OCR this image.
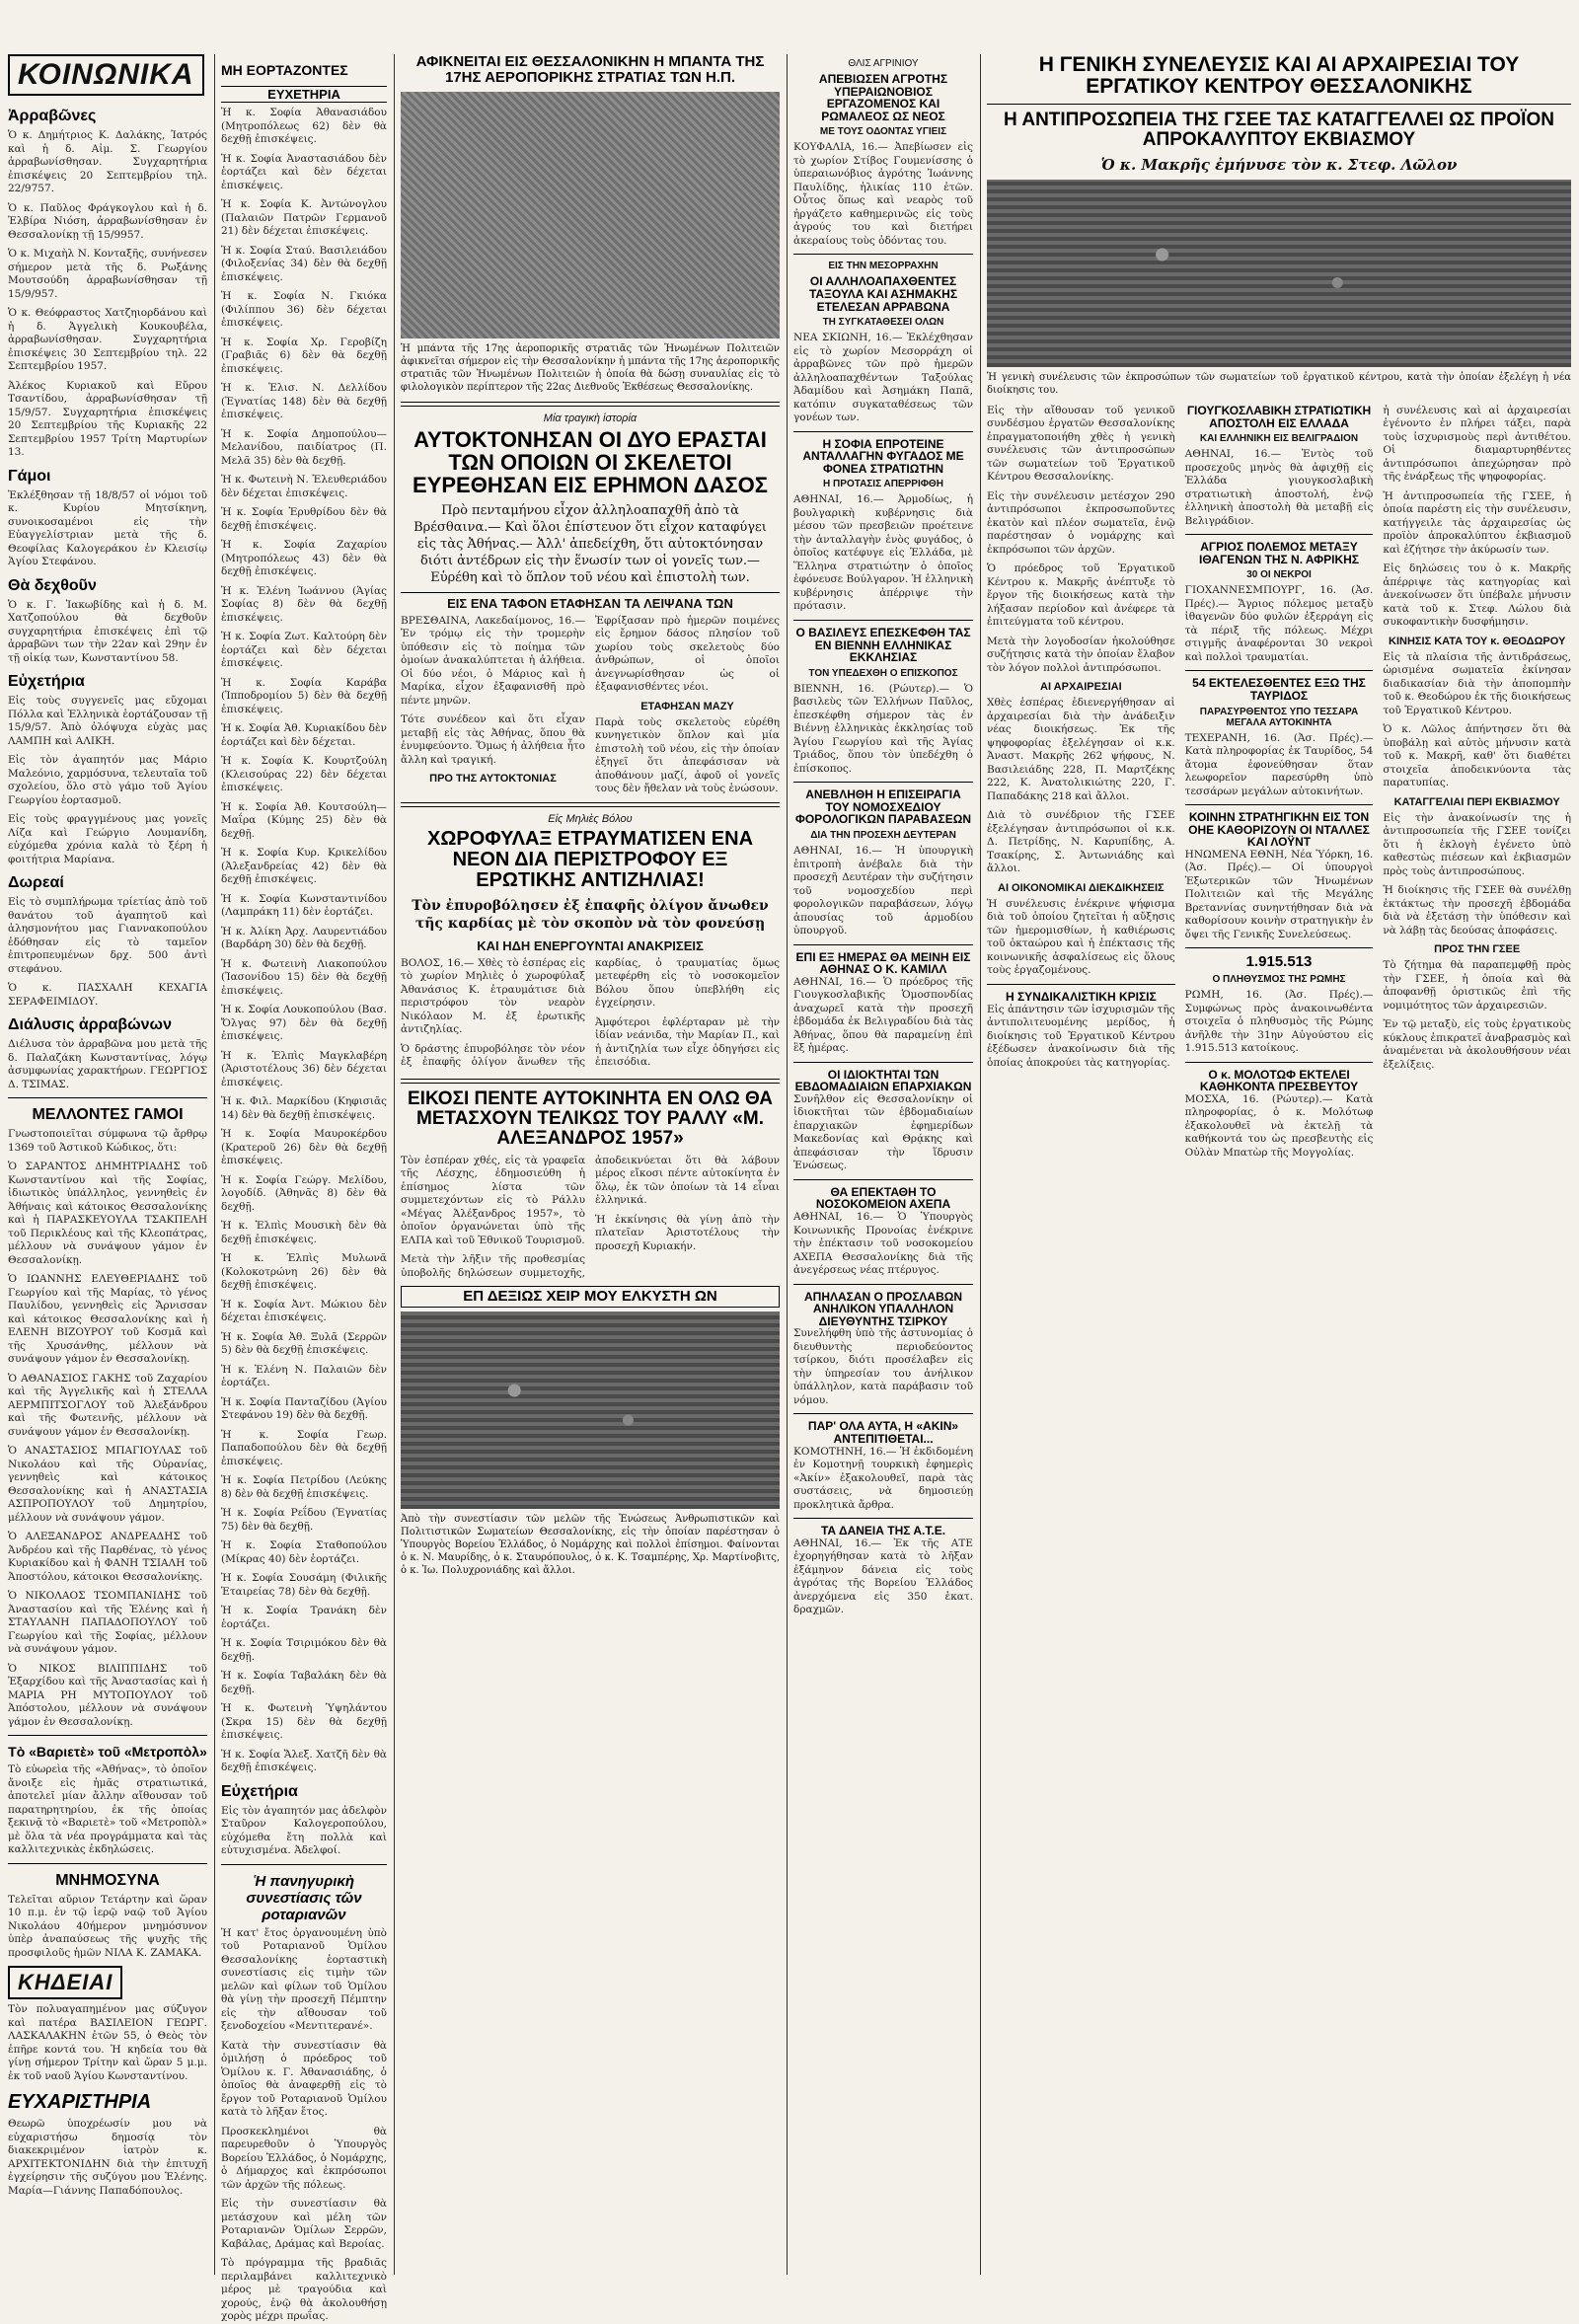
ΚΟΙΝΩΝΙΚΑ
Ἀρραβῶνες

Ὁ κ. Δημήτριος Κ. Δαλάκης, Ἰατρός καὶ ἡ δ. Αἰμ. Σ. Γεωργίου ἀρραβωνίσθησαν. Συγχαρητήρια ἐπισκέψεις 20 Σεπτεμβρίου τηλ. 22/9757.

Ὁ κ. Παῦλος Φράγκογλου καὶ ἡ δ. Ἐλβίρα Νιόση, ἀρραβωνίσθησαν ἐν Θεσσαλονίκῃ τῇ 15/9957.

Ὁ κ. Μιχαὴλ Ν. Κονταξῆς, συνήνεσεν σήμερον μετὰ τῆς δ. Ρωξάνης Μουτσούδη ἀρραβωνίσθησαν τῇ 15/9/957.

Ὁ κ. Θεόφραστος Χατζηιορδάνου καὶ ἡ δ. Ἀγγελικὴ Κουκουβέλα, ἀρραβωνίσθησαν. Συγχαρητήρια ἐπισκέψεις 30 Σεπτεμβρίου τηλ. 22 Σεπτεμβρίου 1957.

Ἀλέκος Κυριακοῦ καὶ Εὔρου Τσαντίδου, ἀρραβωνίσθησαν τῇ 15/9/57. Συγχαρητήρια ἐπισκέψεις 20 Σεπτεμβρίου τῆς Κυριακῆς 22 Σεπτεμβρίου 1957 Τρίτη Μαρτυρίων 13.

Γάμοι

Ἐκλέξθησαν τῇ 18/8/57 οἱ νόμοι τοῦ κ. Κυρίου Μητσίκηνη, συνοικοσαμένοι εἰς τὴν Εὐαγγελίστριαν μετὰ τῆς δ. Θεοφίλας Καλογεράκου ἐν Κλεισίῳ Ἁγίου Στεφάνου.

Θὰ δεχθοῦν

Ὁ κ. Γ. Ἰακωβίδης καὶ ἡ δ. Μ. Χατζοπούλου θὰ δεχθοῦν συγχαρητήρια ἐπισκέψεις ἐπὶ τῷ ἀρραβῶνι των τὴν 22αν καὶ 29ην ἐν τῇ οἰκίᾳ των, Κωνσταντίνου 58.

Εὐχετήρια

Εἰς τοὺς συγγενεῖς μας εὔχομαι Πόλλα καὶ Ἑλληνικὰ ἑορτάζουσαν τῇ 15/9/57. Ἀπὸ ὀλόψυχα εὐχὰς μας ΛΑΜΠΗ καὶ ΑΛΙΚΗ.

Εἰς τὸν ἀγαπητόν μας Μάριο Μαλεόνιο, χαρμόσυνα, τελευταῖα τοῦ σχολείου, ὅλο στὸ γάμο τοῦ Ἁγίου Γεωργίου ἑορτασμοῦ.

Εἰς τοὺς φραγγμένους μας γονεῖς Λίζα καὶ Γεώργιο Λουμανίδη, εὐχόμεθα χρόνια καλὰ τὸ ξέρη ἡ φοιτήτρια Μαρίανα.

Δωρεαί

Εἰς τὸ συμπλήρωμα τρίετίας ἀπὸ τοῦ θανάτου τοῦ ἀγαπητοῦ καὶ ἀλησμονήτου μας Γιαννακοπούλου ἐδόθησαν εἰς τὸ ταμεῖον ἐπιτροπευμένων δρχ. 500 ἀντὶ στεφάνου.

Ὁ κ. ΠΑΣΧΑΛΗ ΚΕΧΑΓΙΑ ΣΕΡΑΦΕΙΜΙΔΟΥ.

Διάλυσις ἀρραβώνων

Διέλυσα τὸν ἀρραβῶνα μου μετὰ τῆς δ. Παλαζάκη Κωνσταντίνας, λόγῳ ἀσυμφωνίας χαρακτήρων. ΓΕΩΡΓΙΟΣ Δ. ΤΣΙΜΑΣ.

ΜΕΛΛΟΝΤΕΣ ΓΑΜΟΙ

Γνωστοποιεῖται σύμφωνα τῷ ἄρθρῳ 1369 τοῦ Ἀστικοῦ Κώδικος, ὅτι:

Ὁ ΣΑΡΑΝΤΟΣ ΔΗΜΗΤΡΙΑΔΗΣ τοῦ Κωνσταντίνου καὶ τῆς Σοφίας, ἰδιωτικὸς ὑπάλληλος, γεννηθεὶς ἐν Ἀθήναις καὶ κάτοικος Θεσσαλονίκης καὶ ἡ ΠΑΡΑΣΚΕΥΟΥΛΑ ΤΣΑΚΠΕΛΗ τοῦ Περικλέους καὶ τῆς Κλεοπάτρας, μέλλουν νὰ συνάψουν γάμον ἐν Θεσσαλονίκῃ.

Ὁ ΙΩΑΝΝΗΣ ΕΛΕΥΘΕΡΙΑΔΗΣ τοῦ Γεωργίου καὶ τῆς Μαρίας, τὸ γένος Παυλίδου, γεννηθεὶς εἰς Ἄρνισσαν καὶ κάτοικος Θεσσαλονίκης καὶ ἡ ΕΛΕΝΗ ΒΙΖΟΥΡΟΥ τοῦ Κοσμᾶ καὶ τῆς Χρυσάνθης, μέλλουν νὰ συνάψουν γάμον ἐν Θεσσαλονίκῃ.

Ὁ ΑΘΑΝΑΣΙΟΣ ΓΑΚΗΣ τοῦ Ζαχαρίου καὶ τῆς Ἀγγελικῆς καὶ ἡ ΣΤΕΛΛΑ ΑΕΡΜΠΙΤΣΟΓΛΟΥ τοῦ Ἀλεξάνδρου καὶ τῆς Φωτεινῆς, μέλλουν νὰ συνάψουν γάμον ἐν Θεσσαλονίκῃ.

Ὁ ΑΝΑΣΤΑΣΙΟΣ ΜΠΑΓΙΟΥΛΑΣ τοῦ Νικολάου καὶ τῆς Οὐρανίας, γεννηθεὶς καὶ κάτοικος Θεσσαλονίκης καὶ ἡ ΑΝΑΣΤΑΣΙΑ ΑΣΠΡΟΠΟΥΛΟΥ τοῦ Δημητρίου, μέλλουν νὰ συνάψουν γάμον.

Ὁ ΑΛΕΞΑΝΔΡΟΣ ΑΝΔΡΕΑΔΗΣ τοῦ Ἀνδρέου καὶ τῆς Παρθένας, τὸ γένος Κυριακίδου καὶ ἡ ΦΑΝΗ ΤΣΙΑΛΗ τοῦ Ἀποστόλου, κάτοικοι Θεσσαλονίκης.

Ὁ ΝΙΚΟΛΑΟΣ ΤΣΟΜΠΑΝΙΔΗΣ τοῦ Ἀναστασίου καὶ τῆς Ἑλένης καὶ ἡ ΣΤΑΥΛΑΝΗ ΠΑΠΑΔΟΠΟΥΛΟΥ τοῦ Γεωργίου καὶ τῆς Σοφίας, μέλλουν νὰ συνάψουν γάμον.

Ὁ ΝΙΚΟΣ ΒΙΛΙΠΠΙΔΗΣ τοῦ Ἐξαρχίδου καὶ τῆς Ἀναστασίας καὶ ἡ ΜΑΡΙΑ ΡΗ ΜΥΤΟΠΟΥΛΟΥ τοῦ Ἀπόστολου, μέλλουν νὰ συνάψουν γάμον ἐν Θεσσαλονίκῃ.

Τὸ «Βαριετὲ» τοῦ «Μετροπὸλ»

Τὸ εὐωρεὶα τῆς «Ἀθήνας», τὸ ὁποῖον ἄνοιξε εἰς ἡμᾶς στρατιωτικά, ἀποτελεῖ μίαν ἄλλην αἴθουσαν τοῦ παρατηρητηρίου, ἐκ τῆς ὁποίας ξεκινᾷ τὸ «Βαριετὲ» τοῦ «Μετροπὸλ» μὲ ὅλα τὰ νέα προγράμματα καὶ τὰς καλλιτεχνικὰς ἐκδηλώσεις.

ΜΝΗΜΟΣΥΝΑ

Τελεῖται αὔριον Τετάρτην καὶ ὥραν 10 π.μ. ἐν τῷ ἱερῷ ναῷ τοῦ Ἁγίου Νικολάου 40ήμερον μνημόσυνον ὑπὲρ ἀναπαύσεως τῆς ψυχῆς τῆς προσφιλοῦς ἡμῶν ΝΙΛΑ Κ. ΖΑΜΑΚΑ.

ΚΗΔΕΙΑΙ

Τὸν πολυαγαπημένον μας σύζυγον καὶ πατέρα ΒΑΣΙΛΕΙΟΝ ΓΕΩΡΓ. ΛΑΣΚΑΛΑΚΗΝ ἐτῶν 55, ὁ Θεὸς τὸν ἐπῆρε κοντά του. Ἡ κηδεία του θὰ γίνῃ σήμερον Τρίτην καὶ ὥραν 5 μ.μ. ἐκ τοῦ ναοῦ Ἁγίου Κωνσταντίνου.

ΕΥΧΑΡΙΣΤΗΡΙΑ

Θεωρῶ ὑποχρέωσίν μου νὰ εὐχαριστήσω δημοσίᾳ τὸν διακεκριμένον ἰατρὸν κ. ΑΡΧΙΤΕΚΤΟΝΙΔΗΝ διὰ τὴν ἐπιτυχῆ ἐγχείρησιν τῆς συζύγου μου Ἑλένης. Μαρία—Γιάννης Παπαδόπουλος.

ΜΗ ΕΟΡΤΑΖΟΝΤΕΣ
ΕΥΧΕΤΗΡΙΑ

Ἡ κ. Σοφία Ἀθανασιάδου (Μητροπόλεως 62) δὲν θὰ δεχθῇ ἐπισκέψεις.

Ἡ κ. Σοφία Ἀναστασιάδου δὲν ἑορτάζει καὶ δὲν δέχεται ἐπισκέψεις.

Ἡ κ. Σοφία Κ. Ἀντώνογλου (Παλαιῶν Πατρῶν Γερμανοῦ 21) δὲν δέχεται ἐπισκέψεις.

Ἡ κ. Σοφία Σταύ. Βασιλειάδου (Φιλοξενίας 34) δὲν θὰ δεχθῇ ἐπισκέψεις.

Ἡ κ. Σοφία Ν. Γκιόκα (Φιλίππου 36) δὲν δέχεται ἐπισκέψεις.

Ἡ κ. Σοφία Χρ. Γεροβίζη (Γραβιᾶς 6) δὲν θὰ δεχθῇ ἐπισκέψεις.

Ἡ κ. Ἑλισ. Ν. Δελλίδου (Ἐγνατίας 148) δὲν θὰ δεχθῇ ἐπισκέψεις.

Ἡ κ. Σοφία Δημοπούλου—Μελανίδου, παιδίατρος (Π. Μελᾶ 35) δὲν θὰ δεχθῇ.

Ἡ κ. Φωτεινὴ Ν. Ἐλευθεριάδου δὲν δέχεται ἐπισκέψεις.

Ἡ κ. Σοφία Ἐρυθρίδου δὲν θὰ δεχθῇ ἐπισκέψεις.

Ἡ κ. Σοφία Ζαχαρίου (Μητροπόλεως 43) δὲν θὰ δεχθῇ ἐπισκέψεις.

Ἡ κ. Ἑλένη Ἰωάννου (Ἁγίας Σοφίας 8) δὲν θὰ δεχθῇ ἐπισκέψεις.

Ἡ κ. Σοφία Ζωτ. Καλτούρη δὲν ἑορτάζει καὶ δὲν δέχεται ἐπισκέψεις.

Ἡ κ. Σοφία Καράβα (Ἱπποδρομίου 5) δὲν θὰ δεχθῇ ἐπισκέψεις.

Ἡ κ. Σοφία Ἀθ. Κυριακίδου δὲν ἑορτάζει καὶ δὲν δέχεται.

Ἡ κ. Σοφία Κ. Κουρτζούλη (Κλεισούρας 22) δὲν δέχεται ἐπισκέψεις.

Ἡ κ. Σοφία Ἀθ. Κουτσούλη—Μαΐρα (Κύμης 25) δὲν θὰ δεχθῇ.

Ἡ κ. Σοφία Κυρ. Κρικελίδου (Ἀλεξανδρείας 42) δὲν θὰ δεχθῇ ἐπισκέψεις.

Ἡ κ. Σοφία Κωνσταντινίδου (Λαμπράκη 11) δὲν ἑορτάζει.

Ἡ κ. Ἀλίκη Ἀρχ. Λαυρεντιάδου (Βαρδάρη 30) δὲν θὰ δεχθῇ.

Ἡ κ. Φωτεινὴ Λιακοπούλου (Ἰασονίδου 15) δὲν θὰ δεχθῇ ἐπισκέψεις.

Ἡ κ. Σοφία Λουκοπούλου (Βασ. Ὄλγας 97) δὲν θὰ δεχθῇ ἐπισκέψεις.

Ἡ κ. Ἐλπὶς Μαγκλαβέρη (Ἀριστοτέλους 36) δὲν δέχεται ἐπισκέψεις.

Ἡ κ. Φιλ. Μαρκίδου (Κηφισιᾶς 14) δὲν θὰ δεχθῇ ἐπισκέψεις.

Ἡ κ. Σοφία Μαυροκέρδου (Κρατεροῦ 26) δὲν θὰ δεχθῇ ἐπισκέψεις.

Ἡ κ. Σοφία Γεώργ. Μελίδου, λογοδίδ. (Ἀθηνᾶς 8) δὲν θὰ δεχθῇ.

Ἡ κ. Ἐλπὶς Μουσικὴ δὲν θὰ δεχθῇ ἐπισκέψεις.

Ἡ κ. Ἐλπὶς Μυλωνᾶ (Κολοκοτρώνη 26) δὲν θὰ δεχθῇ ἐπισκέψεις.

Ἡ κ. Σοφία Ἀντ. Μώκιου δὲν δέχεται ἐπισκέψεις.

Ἡ κ. Σοφία Ἀθ. Ξυλᾶ (Σερρῶν 5) δὲν θὰ δεχθῇ ἐπισκέψεις.

Ἡ κ. Ἑλένη Ν. Παλαιῶν δὲν ἑορτάζει.

Ἡ κ. Σοφία Πανταζίδου (Ἀγίου Στεφάνου 19) δὲν θὰ δεχθῇ.

Ἡ κ. Σοφία Γεωρ. Παπαδοπούλου δὲν θὰ δεχθῇ ἐπισκέψεις.

Ἡ κ. Σοφία Πετρίδου (Λεύκης 8) δὲν θὰ δεχθῇ ἐπισκέψεις.

Ἡ κ. Σοφία Ρεΐδου (Ἐγνατίας 75) δὲν θὰ δεχθῇ.

Ἡ κ. Σοφία Σταθοπούλου (Μίκρας 40) δὲν ἑορτάζει.

Ἡ κ. Σοφία Σουσάμη (Φιλικῆς Ἑταιρείας 78) δὲν θὰ δεχθῇ.

Ἡ κ. Σοφία Τρανάκη δὲν ἑορτάζει.

Ἡ κ. Σοφία Τσιριμόκου δὲν θὰ δεχθῇ.

Ἡ κ. Σοφία Ταβαλάκη δὲν θὰ δεχθῇ.

Ἡ κ. Φωτεινὴ Ὑψηλάντου (Σκρα 15) δὲν θὰ δεχθῇ ἐπισκέψεις.

Ἡ κ. Σοφία Ἄλεξ. Χατζῆ δὲν θὰ δεχθῇ ἐπισκέψεις.

Εὐχετήρια

Εἰς τὸν ἀγαπητόν μας ἀδελφὸν Σταῦρον Καλογεροπούλου, εὐχόμεθα ἔτη πολλὰ καὶ εὐτυχισμένα. Ἀδελφοί.

Ἡ πανηγυρικὴ συνεστίασις τῶν ροταριανῶν

Ἡ κατ' ἔτος ὀργανουμένη ὑπὸ τοῦ Ροταριανοῦ Ὁμίλου Θεσσαλονίκης ἑορταστικὴ συνεστίασις εἰς τιμὴν τῶν μελῶν καὶ φίλων τοῦ Ὁμίλου θὰ γίνῃ τὴν προσεχῆ Πέμπτην εἰς τὴν αἴθουσαν τοῦ ξενοδοχείου «Μεντιτερανέ».

Κατὰ τὴν συνεστίασιν θὰ ὁμιλήσῃ ὁ πρόεδρος τοῦ Ὁμίλου κ. Γ. Ἀθανασιάδης, ὁ ὁποῖος θὰ ἀναφερθῇ εἰς τὸ ἔργον τοῦ Ροταριανοῦ Ὁμίλου κατὰ τὸ λῆξαν ἔτος.

Προσκεκλημένοι θὰ παρευρεθοῦν ὁ Ὑπουργὸς Βορείου Ἑλλάδος, ὁ Νομάρχης, ὁ Δήμαρχος καὶ ἐκπρόσωποι τῶν ἀρχῶν τῆς πόλεως.

Εἰς τὴν συνεστίασιν θὰ μετάσχουν καὶ μέλη τῶν Ροταριανῶν Ὁμίλων Σερρῶν, Καβάλας, Δράμας καὶ Βεροίας.

Τὸ πρόγραμμα τῆς βραδιᾶς περιλαμβάνει καλλιτεχνικὸ μέρος μὲ τραγούδια καὶ χορούς, ἐνῷ θὰ ἀκολουθήσῃ χορὸς μέχρι πρωΐας.

ΑΦΙΚΝΕΙΤΑΙ ΕΙΣ ΘΕΣΣΑΛΟΝΙΚΗΝ Η ΜΠΑΝΤΑ ΤΗΣ 17ΗΣ ΑΕΡΟΠΟΡΙΚΗΣ ΣΤΡΑΤΙΑΣ ΤΩΝ Η.Π.
Ἡ μπάντα τῆς 17ης ἀεροπορικῆς στρατιᾶς τῶν Ἡνωμένων Πολιτειῶν ἀφικνεῖται σήμερον εἰς τὴν Θεσσαλονίκην ἡ μπάντα τῆς 17ης ἀεροπορικῆς στρατιᾶς τῶν Ἡνωμένων Πολιτειῶν ἡ ὁποία θὰ δώσῃ συναυλίας εἰς τὸ φιλολογικὸν περίπτερον τῆς 22ας Διεθνοῦς Ἐκθέσεως Θεσσαλονίκης.
Μία τραγικὴ ἱστορία
ΑΥΤΟΚΤΟΝΗΣΑΝ ΟΙ ΔΥΟ ΕΡΑΣΤΑΙ ΤΩΝ ΟΠΟΙΩΝ ΟΙ ΣΚΕΛΕΤΟΙ ΕΥΡΕΘΗΣΑΝ ΕΙΣ ΕΡΗΜΟΝ ΔΑΣΟΣ
Πρὸ πενταμήνου εἶχον ἀλληλοαπαχθῆ ἀπὸ τὰ Βρέσθαινα.— Καὶ ὅλοι ἐπίστευον ὅτι εἶχον καταφύγει εἰς τὰς Ἀθήνας.— Ἀλλ' ἀπεδείχθη, ὅτι αὐτοκτόνησαν διότι ἀντέδρων εἰς τὴν ἕνωσίν των οἱ γονεῖς των.— Εὑρέθη καὶ τὸ ὅπλον τοῦ νέου καὶ ἐπιστολὴ των.
ΕΙΣ ΕΝΑ ΤΑΦΟΝ ΕΤΑΦΗΣΑΝ ΤΑ ΛΕΙΨΑΝΑ ΤΩΝ

ΒΡΕΣΘΑΙΝΑ, Λακεδαίμονος, 16.— Ἐν τρόμῳ εἰς τὴν τρομερὴν ὑπόθεσιν εἰς τὸ ποίημα τῶν ὁμοίων ἀνακαλύπτεται ἡ ἀλήθεια. Οἱ δύο νέοι, ὁ Μάριος καὶ ἡ Μαρίκα, εἶχον ἐξαφανισθῆ πρὸ πέντε μηνῶν.

Τότε συνέδεον καὶ ὅτι εἶχαν μεταβῇ εἰς τὰς Ἀθήνας, ὅπου θὰ ἐνυμφεύοντο. Ὅμως ἡ ἀλήθεια ἦτο ἄλλη καὶ τραγική.

ΠΡΟ ΤΗΣ ΑΥΤΟΚΤΟΝΙΑΣ

Ἐφρίξασαν πρὸ ἡμερῶν ποιμένες εἰς ἔρημον δάσος πλησίον τοῦ χωρίου τοὺς σκελετοὺς δύο ἀνθρώπων, οἱ ὁποῖοι ἀνεγνωρίσθησαν ὡς οἱ ἐξαφανισθέντες νέοι.

ΕΤΑΦΗΣΑΝ ΜΑΖΥ

Παρὰ τοὺς σκελετοὺς εὑρέθη κυνηγετικὸν ὅπλον καὶ μία ἐπιστολὴ τοῦ νέου, εἰς τὴν ὁποίαν ἐξηγεῖ ὅτι ἀπεφάσισαν νὰ ἀποθάνουν μαζί, ἀφοῦ οἱ γονεῖς τους δὲν ἤθελαν νὰ τοὺς ἑνώσουν.

Εἰς Μηλιὲς Βόλου
ΧΩΡΟΦΥΛΑΞ ΕΤΡΑΥΜΑΤΙΣΕΝ ΕΝΑ ΝΕΟΝ ΔΙΑ ΠΕΡΙΣΤΡΟΦΟΥ ΕΞ ΕΡΩΤΙΚΗΣ ΑΝΤΙΖΗΛΙΑΣ!
Τὸν ἐπυροβόλησεν ἐξ ἐπαφῆς ὀλίγον ἄνωθεν τῆς καρδίας μὲ τὸν σκοπὸν νὰ τὸν φονεύσῃ
ΚΑΙ ΗΔΗ ΕΝΕΡΓΟΥΝΤΑΙ ΑΝΑΚΡΙΣΕΙΣ

ΒΟΛΟΣ, 16.— Χθὲς τὸ ἑσπέρας εἰς τὸ χωρίον Μηλιὲς ὁ χωροφύλαξ Ἀθανάσιος Κ. ἐτραυμάτισε διὰ περιστρόφου τὸν νεαρὸν Νικόλαον Μ. ἐξ ἐρωτικῆς ἀντιζηλίας.

Ὁ δράστης ἐπυροβόλησε τὸν νέον ἐξ ἐπαφῆς ὀλίγον ἄνωθεν τῆς καρδίας, ὁ τραυματίας ὅμως μετεφέρθη εἰς τὸ νοσοκομεῖον Βόλου ὅπου ὑπεβλήθη εἰς ἐγχείρησιν.

Ἀμφότεροι ἐφλέρταραν μὲ τὴν ἰδίαν νεάνιδα, τὴν Μαρίαν Π., καὶ ἡ ἀντιζηλία των εἶχε ὁδηγήσει εἰς ἐπεισόδια.

ΕΙΚΟΣΙ ΠΕΝΤΕ ΑΥΤΟΚΙΝΗΤΑ ΕΝ ΟΛΩ ΘΑ ΜΕΤΑΣΧΟΥΝ ΤΕΛΙΚΩΣ ΤΟΥ ΡΑΛΛΥ «Μ. ΑΛΕΞΑΝΔΡΟΣ 1957»

Τὸν ἐσπέραν χθές, εἰς τὰ γραφεῖα τῆς Λέσχης, ἐδημοσιεύθη ἡ ἐπίσημος λίστα τῶν συμμετεχόντων εἰς τὸ Ράλλυ «Μέγας Ἀλέξανδρος 1957», τὸ ὁποῖον ὀργανώνεται ὑπὸ τῆς ΕΛΠΑ καὶ τοῦ Ἐθνικοῦ Τουρισμοῦ.

Μετὰ τὴν λῆξιν τῆς προθεσμίας ὑποβολῆς δηλώσεων συμμετοχῆς, ἀποδεικνύεται ὅτι θὰ λάβουν μέρος εἴκοσι πέντε αὐτοκίνητα ἐν ὅλῳ, ἐκ τῶν ὁποίων τὰ 14 εἶναι ἑλληνικά.

Ἡ ἐκκίνησις θὰ γίνῃ ἀπὸ τὴν πλατεῖαν Ἀριστοτέλους τὴν προσεχῆ Κυριακήν.

ΕΠ ΔΕΞΙΩΣ ΧΕΙΡ ΜΟΥ ΕΛΚΥΣΤΗ ΩΝ
Ἀπὸ τὴν συνεστίασιν τῶν μελῶν τῆς Ἑνώσεως Ἀνθρωπιστικῶν καὶ Πολιτιστικῶν Σωματείων Θεσσαλονίκης, εἰς τὴν ὁποίαν παρέστησαν ὁ Ὑπουργὸς Βορείου Ἑλλάδος, ὁ Νομάρχης καὶ πολλοὶ ἐπίσημοι. Φαίνονται ὁ κ. Ν. Μαυρίδης, ὁ κ. Σταυρόπουλος, ὁ κ. Κ. Τσαμπέρης, Χρ. Μαρτίνοβιτς, ὁ κ. Ἰω. Πολυχρονιάδης καὶ ἄλλοι.
ΘΛΙΣ ΑΓΡΙΝΙΟΥ
ΑΠΕΒΙΩΣΕΝ ΑΓΡΟΤΗΣ ΥΠΕΡΑΙΩΝΟΒΙΟΣ ΕΡΓΑΖΟΜΕΝΟΣ ΚΑΙ ΡΩΜΑΛΕΟΣ ΩΣ ΝΕΟΣ
ΜΕ ΤΟΥΣ ΟΔΟΝΤΑΣ ΥΓΙΕΙΣ

ΚΟΥΦΑΛΙΑ, 16.— Ἀπεβίωσεν εἰς τὸ χωρίον Στίβος Γουμενίσσης ὁ ὑπεραιωνόβιος ἀγρότης Ἰωάννης Παυλίδης, ἡλικίας 110 ἐτῶν. Οὗτος ὅπως καὶ νεαρὸς τοῦ ἠργάζετο καθημερινῶς εἰς τοὺς ἀγρούς του καὶ διετήρει ἀκεραίους τοὺς ὀδόντας του.

ΕΙΣ ΤΗΝ ΜΕΣΟΡΡΑΧΗΝ
ΟΙ ΑΛΛΗΛΟΑΠΑΧΘΕΝΤΕΣ ΤΑΞΟΥΛΑ ΚΑΙ ΑΣΗΜΑΚΗΣ ΕΤΕΛΕΣΑΝ ΑΡΡΑΒΩΝΑ
ΤΗ ΣΥΓΚΑΤΑΘΕΣΕΙ ΟΛΩΝ

ΝΕΑ ΣΚΙΩΝΗ, 16.— Ἐκλέχθησαν εἰς τὸ χωρίον Μεσορράχη οἱ ἀρραβῶνες τῶν πρὸ ἡμερῶν ἀλληλοαπαχθέντων Ταξούλας Ἀδαμίδου καὶ Ἀσημάκη Παπᾶ, κατόπιν συγκαταθέσεως τῶν γονέων των.

Η ΣΟΦΙΑ ΕΠΡΟΤΕΙΝΕ ΑΝΤΑΛΛΑΓΗΝ ΦΥΓΑΔΟΣ ΜΕ ΦΟΝΕΑ ΣΤΡΑΤΙΩΤΗΝ
Η ΠΡΟΤΑΣΙΣ ΑΠΕΡΡΙΦΘΗ

ΑΘΗΝΑΙ, 16.— Ἀρμοδίως, ἡ βουλγαρικὴ κυβέρνησις διὰ μέσου τῶν πρεσβειῶν προέτεινε τὴν ἀνταλλαγὴν ἑνὸς φυγάδος, ὁ ὁποῖος κατέφυγε εἰς Ἑλλάδα, μὲ Ἕλληνα στρατιώτην ὁ ὁποῖος ἐφόνευσε Βούλγαρον. Ἡ ἑλληνικὴ κυβέρνησις ἀπέρριψε τὴν πρότασιν.

Ο ΒΑΣΙΛΕΥΣ ΕΠΕΣΚΕΦΘΗ ΤΑΣ ΕΝ ΒΙΕΝΝΗ ΕΛΛΗΝΙΚΑΣ ΕΚΚΛΗΣΙΑΣ
ΤΟΝ ΥΠΕΔΕΧΘΗ Ο ΕΠΙΣΚΟΠΟΣ

ΒΙΕΝΝΗ, 16. (Ρώυτερ).— Ὁ βασιλεὺς τῶν Ἑλλήνων Παῦλος, ἐπεσκέφθη σήμερον τὰς ἐν Βιέννῃ ἑλληνικὰς ἐκκλησίας τοῦ Ἁγίου Γεωργίου καὶ τῆς Ἁγίας Τριάδος, ὅπου τὸν ὑπεδέχθη ὁ ἐπίσκοπος.

ΑΝΕΒΛΗΘΗ Η ΕΠΙΣΕΙΡΑΓΙΑ ΤΟΥ ΝΟΜΟΣΧΕΔΙΟΥ ΦΟΡΟΛΟΓΙΚΩΝ ΠΑΡΑΒΑΣΕΩΝ
ΔΙΑ ΤΗΝ ΠΡΟΣΕΧΗ ΔΕΥΤΕΡΑΝ

ΑΘΗΝΑΙ, 16.— Ἡ ὑπουργικὴ ἐπιτροπὴ ἀνέβαλε διὰ τὴν προσεχῆ Δευτέραν τὴν συζήτησιν τοῦ νομοσχεδίου περὶ φορολογικῶν παραβάσεων, λόγῳ ἀπουσίας τοῦ ἁρμοδίου ὑπουργοῦ.

ΕΠΙ ΕΞ ΗΜΕΡΑΣ ΘΑ ΜΕΙΝΗ ΕΙΣ ΑΘΗΝΑΣ Ο Κ. ΚΑΜΙΛΛ

ΑΘΗΝΑΙ, 16.— Ὁ πρόεδρος τῆς Γιουγκοσλαβικῆς Ὁμοσπονδίας ἀναχωρεῖ κατὰ τὴν προσεχῆ ἑβδομάδα ἐκ Βελιγραδίου διὰ τὰς Ἀθήνας, ὅπου θὰ παραμείνῃ ἐπὶ ἓξ ἡμέρας.

ΟΙ ΙΔΙΟΚΤΗΤΑΙ ΤΩΝ ΕΒΔΟΜΑΔΙΑΙΩΝ ΕΠΑΡΧΙΑΚΩΝ

Συνῆλθον εἰς Θεσσαλονίκην οἱ ἰδιοκτῆται τῶν ἑβδομαδιαίων ἐπαρχιακῶν ἐφημερίδων Μακεδονίας καὶ Θρᾴκης καὶ ἀπεφάσισαν τὴν ἵδρυσιν Ἑνώσεως.

ΘΑ ΕΠΕΚΤΑΘΗ ΤΟ ΝΟΣΟΚΟΜΕΙΟΝ ΑΧΕΠΑ

ΑΘΗΝΑΙ, 16.— Ὁ Ὑπουργὸς Κοινωνικῆς Προνοίας ἐνέκρινε τὴν ἐπέκτασιν τοῦ νοσοκομείου ΑΧΕΠΑ Θεσσαλονίκης διὰ τῆς ἀνεγέρσεως νέας πτέρυγος.

ΑΠΗΛΑΣΑΝ Ο ΠΡΟΣΛΑΒΩΝ ΑΝΗΛΙΚΟΝ ΥΠΑΛΛΗΛΟΝ ΔΙΕΥΘΥΝΤΗΣ ΤΣΙΡΚΟΥ

Συνελήφθη ὑπὸ τῆς ἀστυνομίας ὁ διευθυντὴς περιοδεύοντος τσίρκου, διότι προσέλαβεν εἰς τὴν ὑπηρεσίαν του ἀνήλικον ὑπάλληλον, κατὰ παράβασιν τοῦ νόμου.

ΠΑΡ' ΟΛΑ ΑΥΤΑ, Η «ΑΚΙΝ» ΑΝΤΕΠΙΤΙΘΕΤΑΙ...

ΚΟΜΟΤΗΝΗ, 16.— Ἡ ἐκδιδομένη ἐν Κομοτηνῇ τουρκικὴ ἐφημερὶς «Ἀκίν» ἐξακολουθεῖ, παρὰ τὰς συστάσεις, νὰ δημοσιεύῃ προκλητικὰ ἄρθρα.

ΤΑ ΔΑΝΕΙΑ ΤΗΣ Α.Τ.Ε.

ΑΘΗΝΑΙ, 16.— Ἐκ τῆς ΑΤΕ ἐχορηγήθησαν κατὰ τὸ λῆξαν ἐξάμηνον δάνεια εἰς τοὺς ἀγρότας τῆς Βορείου Ἑλλάδος ἀνερχόμενα εἰς 350 ἑκατ. δραχμῶν.

Η ΓΕΝΙΚΗ ΣΥΝΕΛΕΥΣΙΣ ΚΑΙ ΑΙ ΑΡΧΑΙΡΕΣΙΑΙ ΤΟΥ ΕΡΓΑΤΙΚΟΥ ΚΕΝΤΡΟΥ ΘΕΣΣΑΛΟΝΙΚΗΣ
Η ΑΝΤΙΠΡΟΣΩΠΕΙΑ ΤΗΣ ΓΣΕΕ ΤΑΣ ΚΑΤΑΓΓΕΛΛΕΙ ΩΣ ΠΡΟΪΟΝ ΑΠΡΟΚΑΛΥΠΤΟΥ ΕΚΒΙΑΣΜΟΥ
Ὁ κ. Μακρῆς ἐμήνυσε τὸν κ. Στεφ. Λῶλον
Ἡ γενικὴ συνέλευσις τῶν ἐκπροσώπων τῶν σωματείων τοῦ ἐργατικοῦ κέντρου, κατὰ τὴν ὁποίαν ἐξελέγη ἡ νέα διοίκησις του.

Εἰς τὴν αἴθουσαν τοῦ γενικοῦ συνδέσμου ἐργατῶν Θεσσαλονίκης ἐπραγματοποιήθη χθὲς ἡ γενικὴ συνέλευσις τῶν ἀντιπροσώπων τῶν σωματείων τοῦ Ἐργατικοῦ Κέντρου Θεσσαλονίκης.

Εἰς τὴν συνέλευσιν μετέσχον 290 ἀντιπρόσωποι ἐκπροσωποῦντες ἑκατὸν καὶ πλέον σωματεῖα, ἐνῷ παρέστησαν ὁ νομάρχης καὶ ἐκπρόσωποι τῶν ἀρχῶν.

Ὁ πρόεδρος τοῦ Ἐργατικοῦ Κέντρου κ. Μακρῆς ἀνέπτυξε τὸ ἔργον τῆς διοικήσεως κατὰ τὴν λήξασαν περίοδον καὶ ἀνέφερε τὰ ἐπιτεύγματα τοῦ κέντρου.

Μετὰ τὴν λογοδοσίαν ἠκολούθησε συζήτησις κατὰ τὴν ὁποίαν ἔλαβον τὸν λόγον πολλοὶ ἀντιπρόσωποι.

ΑΙ ΑΡΧΑΙΡΕΣΙΑΙ

Χθὲς ἑσπέρας ἐδιενεργήθησαν αἱ ἀρχαιρεσίαι διὰ τὴν ἀνάδειξιν νέας διοικήσεως. Ἐκ τῆς ψηφοφορίας ἐξελέγησαν οἱ κ.κ. Ἀναστ. Μακρῆς 262 ψήφους, Ν. Βασιλειάδης 228, Π. Μαρτζέκης 222, Κ. Ἀνατολικιώτης 220, Γ. Παπαδάκης 218 καὶ ἄλλοι.

Διὰ τὸ συνέδριον τῆς ΓΣΕΕ ἐξελέγησαν ἀντιπρόσωποι οἱ κ.κ. Δ. Πετρίδης, Ν. Καρυπίδης, Α. Τσακίρης, Σ. Ἀντωνιάδης καὶ ἄλλοι.

ΑΙ ΟΙΚΟΝΟΜΙΚΑΙ ΔΙΕΚΔΙΚΗΣΕΙΣ

Ἡ συνέλευσις ἐνέκρινε ψήφισμα διὰ τοῦ ὁποίου ζητεῖται ἡ αὔξησις τῶν ἡμερομισθίων, ἡ καθιέρωσις τοῦ ὀκταώρου καὶ ἡ ἐπέκτασις τῆς κοινωνικῆς ἀσφαλίσεως εἰς ὅλους τοὺς ἐργαζομένους.

Η ΣΥΝΔΙΚΑΛΙΣΤΙΚΗ ΚΡΙΣΙΣ

Εἰς ἀπάντησιν τῶν ἰσχυρισμῶν τῆς ἀντιπολιτευομένης μερίδος, ἡ διοίκησις τοῦ Ἐργατικοῦ Κέντρου ἐξέδωσεν ἀνακοίνωσιν διὰ τῆς ὁποίας ἀποκρούει τὰς κατηγορίας.

ΓΙΟΥΓΚΟΣΛΑΒΙΚΗ ΣΤΡΑΤΙΩΤΙΚΗ ΑΠΟΣΤΟΛΗ ΕΙΣ ΕΛΛΑΔΑ
ΚΑΙ ΕΛΛΗΝΙΚΗ ΕΙΣ ΒΕΛΙΓΡΑΔΙΟΝ

ΑΘΗΝΑΙ, 16.— Ἐντὸς τοῦ προσεχοῦς μηνὸς θὰ ἀφιχθῇ εἰς Ἑλλάδα γιουγκοσλαβικὴ στρατιωτικὴ ἀποστολή, ἐνῷ ἑλληνικὴ ἀποστολὴ θὰ μεταβῇ εἰς Βελιγράδιον.

ΑΓΡΙΟΣ ΠΟΛΕΜΟΣ ΜΕΤΑΞΥ ΙΘΑΓΕΝΩΝ ΤΗΣ Ν. ΑΦΡΙΚΗΣ
30 ΟΙ ΝΕΚΡΟΙ

ΓΙΟΧΑΝΝΕΣΜΠΟΥΡΓ, 16. (Ἀσ. Πρές).— Ἄγριος πόλεμος μεταξὺ ἰθαγενῶν δύο φυλῶν ἐξερράγη εἰς τὰ πέριξ τῆς πόλεως. Μέχρι στιγμῆς ἀναφέρονται 30 νεκροὶ καὶ πολλοὶ τραυματίαι.

54 ΕΚΤΕΛΕΣΘΕΝΤΕΣ ΕΞΩ ΤΗΣ ΤΑΥΡΙΔΟΣ
ΠΑΡΑΣΥΡΘΕΝΤΟΣ ΥΠΟ ΤΕΣΣΑΡΑ ΜΕΓΑΛΑ ΑΥΤΟΚΙΝΗΤΑ

ΤΕΧΕΡΑΝΗ, 16. (Ἀσ. Πρές).— Κατὰ πληροφορίας ἐκ Ταυρίδος, 54 ἄτομα ἐφονεύθησαν ὅταν λεωφορεῖον παρεσύρθη ὑπὸ τεσσάρων μεγάλων αὐτοκινήτων.

ΚΟΙΝΗΝ ΣΤΡΑΤΗΓΙΚΗΝ ΕΙΣ ΤΟΝ ΟΗΕ ΚΑΘΟΡΙΖΟΥΝ ΟΙ ΝΤΑΛΛΕΣ ΚΑΙ ΛΟΫΝΤ

ΗΝΩΜΕΝΑ ΕΘΝΗ, Νέα Ὑόρκη, 16. (Ἀσ. Πρές).— Οἱ ὑπουργοὶ Ἐξωτερικῶν τῶν Ἡνωμένων Πολιτειῶν καὶ τῆς Μεγάλης Βρεταννίας συνηντήθησαν διὰ νὰ καθορίσουν κοινὴν στρατηγικὴν ἐν ὄψει τῆς Γενικῆς Συνελεύσεως.

1.915.513
Ο ΠΛΗΘΥΣΜΟΣ ΤΗΣ ΡΩΜΗΣ

ΡΩΜΗ, 16. (Ἀσ. Πρές).— Συμφώνως πρὸς ἀνακοινωθέντα στοιχεῖα ὁ πληθυσμὸς τῆς Ρώμης ἀνῆλθε τὴν 31ην Αὐγούστου εἰς 1.915.513 κατοίκους.

Ο κ. ΜΟΛΟΤΩΦ ΕΚΤΕΛΕΙ ΚΑΘΗΚΟΝΤΑ ΠΡΕΣΒΕΥΤΟΥ

ΜΟΣΧΑ, 16. (Ρώυτερ).— Κατὰ πληροφορίας, ὁ κ. Μολότωφ ἐξακολουθεῖ νὰ ἐκτελῇ τὰ καθήκοντά του ὡς πρεσβευτὴς εἰς Οὐλὰν Μπατὼρ τῆς Μογγολίας.

ἡ συνέλευσις καὶ αἱ ἀρχαιρεσίαι ἐγένοντο ἐν πλήρει τάξει, παρὰ τοὺς ἰσχυρισμοὺς περὶ ἀντιθέτου. Οἱ διαμαρτυρηθέντες ἀντιπρόσωποι ἀπεχώρησαν πρὸ τῆς ἐνάρξεως τῆς ψηφοφορίας.

Ἡ ἀντιπροσωπεία τῆς ΓΣΕΕ, ἡ ὁποία παρέστη εἰς τὴν συνέλευσιν, κατήγγειλε τὰς ἀρχαιρεσίας ὡς προϊὸν ἀπροκαλύπτου ἐκβιασμοῦ καὶ ἐζήτησε τὴν ἀκύρωσίν των.

Εἰς δηλώσεις του ὁ κ. Μακρῆς ἀπέρριψε τὰς κατηγορίας καὶ ἀνεκοίνωσεν ὅτι ὑπέβαλε μήνυσιν κατὰ τοῦ κ. Στεφ. Λώλου διὰ συκοφαντικὴν δυσφήμησιν.

ΚΙΝΗΣΙΣ ΚΑΤΑ ΤΟΥ κ. ΘΕΟΔΩΡΟΥ

Εἰς τὰ πλαίσια τῆς ἀντιδράσεως, ὡρισμένα σωματεῖα ἐκίνησαν διαδικασίαν διὰ τὴν ἀποπομπὴν τοῦ κ. Θεοδώρου ἐκ τῆς διοικήσεως τοῦ Ἐργατικοῦ Κέντρου.

Ὁ κ. Λῶλος ἀπήντησεν ὅτι θὰ ὑποβάλῃ καὶ αὐτὸς μήνυσιν κατὰ τοῦ κ. Μακρῆ, καθ' ὅτι διαθέτει στοιχεῖα ἀποδεικνύοντα τὰς παρατυπίας.

ΚΑΤΑΓΓΕΛΙΑΙ ΠΕΡΙ ΕΚΒΙΑΣΜΟΥ

Εἰς τὴν ἀνακοίνωσίν της ἡ ἀντιπροσωπεία τῆς ΓΣΕΕ τονίζει ὅτι ἡ ἐκλογὴ ἐγένετο ὑπὸ καθεστὼς πιέσεων καὶ ἐκβιασμῶν πρὸς τοὺς ἀντιπροσώπους.

Ἡ διοίκησις τῆς ΓΣΕΕ θὰ συνέλθῃ ἐκτάκτως τὴν προσεχῆ ἑβδομάδα διὰ νὰ ἐξετάσῃ τὴν ὑπόθεσιν καὶ νὰ λάβῃ τὰς δεούσας ἀποφάσεις.

ΠΡΟΣ ΤΗΝ ΓΣΕΕ

Τὸ ζήτημα θὰ παραπεμφθῇ πρὸς τὴν ΓΣΕΕ, ἡ ὁποία καὶ θὰ ἀποφανθῇ ὁριστικῶς ἐπὶ τῆς νομιμότητος τῶν ἀρχαιρεσιῶν.

Ἐν τῷ μεταξὺ, εἰς τοὺς ἐργατικοὺς κύκλους ἐπικρατεῖ ἀναβρασμὸς καὶ ἀναμένεται νὰ ἀκολουθήσουν νέαι ἐξελίξεις.
